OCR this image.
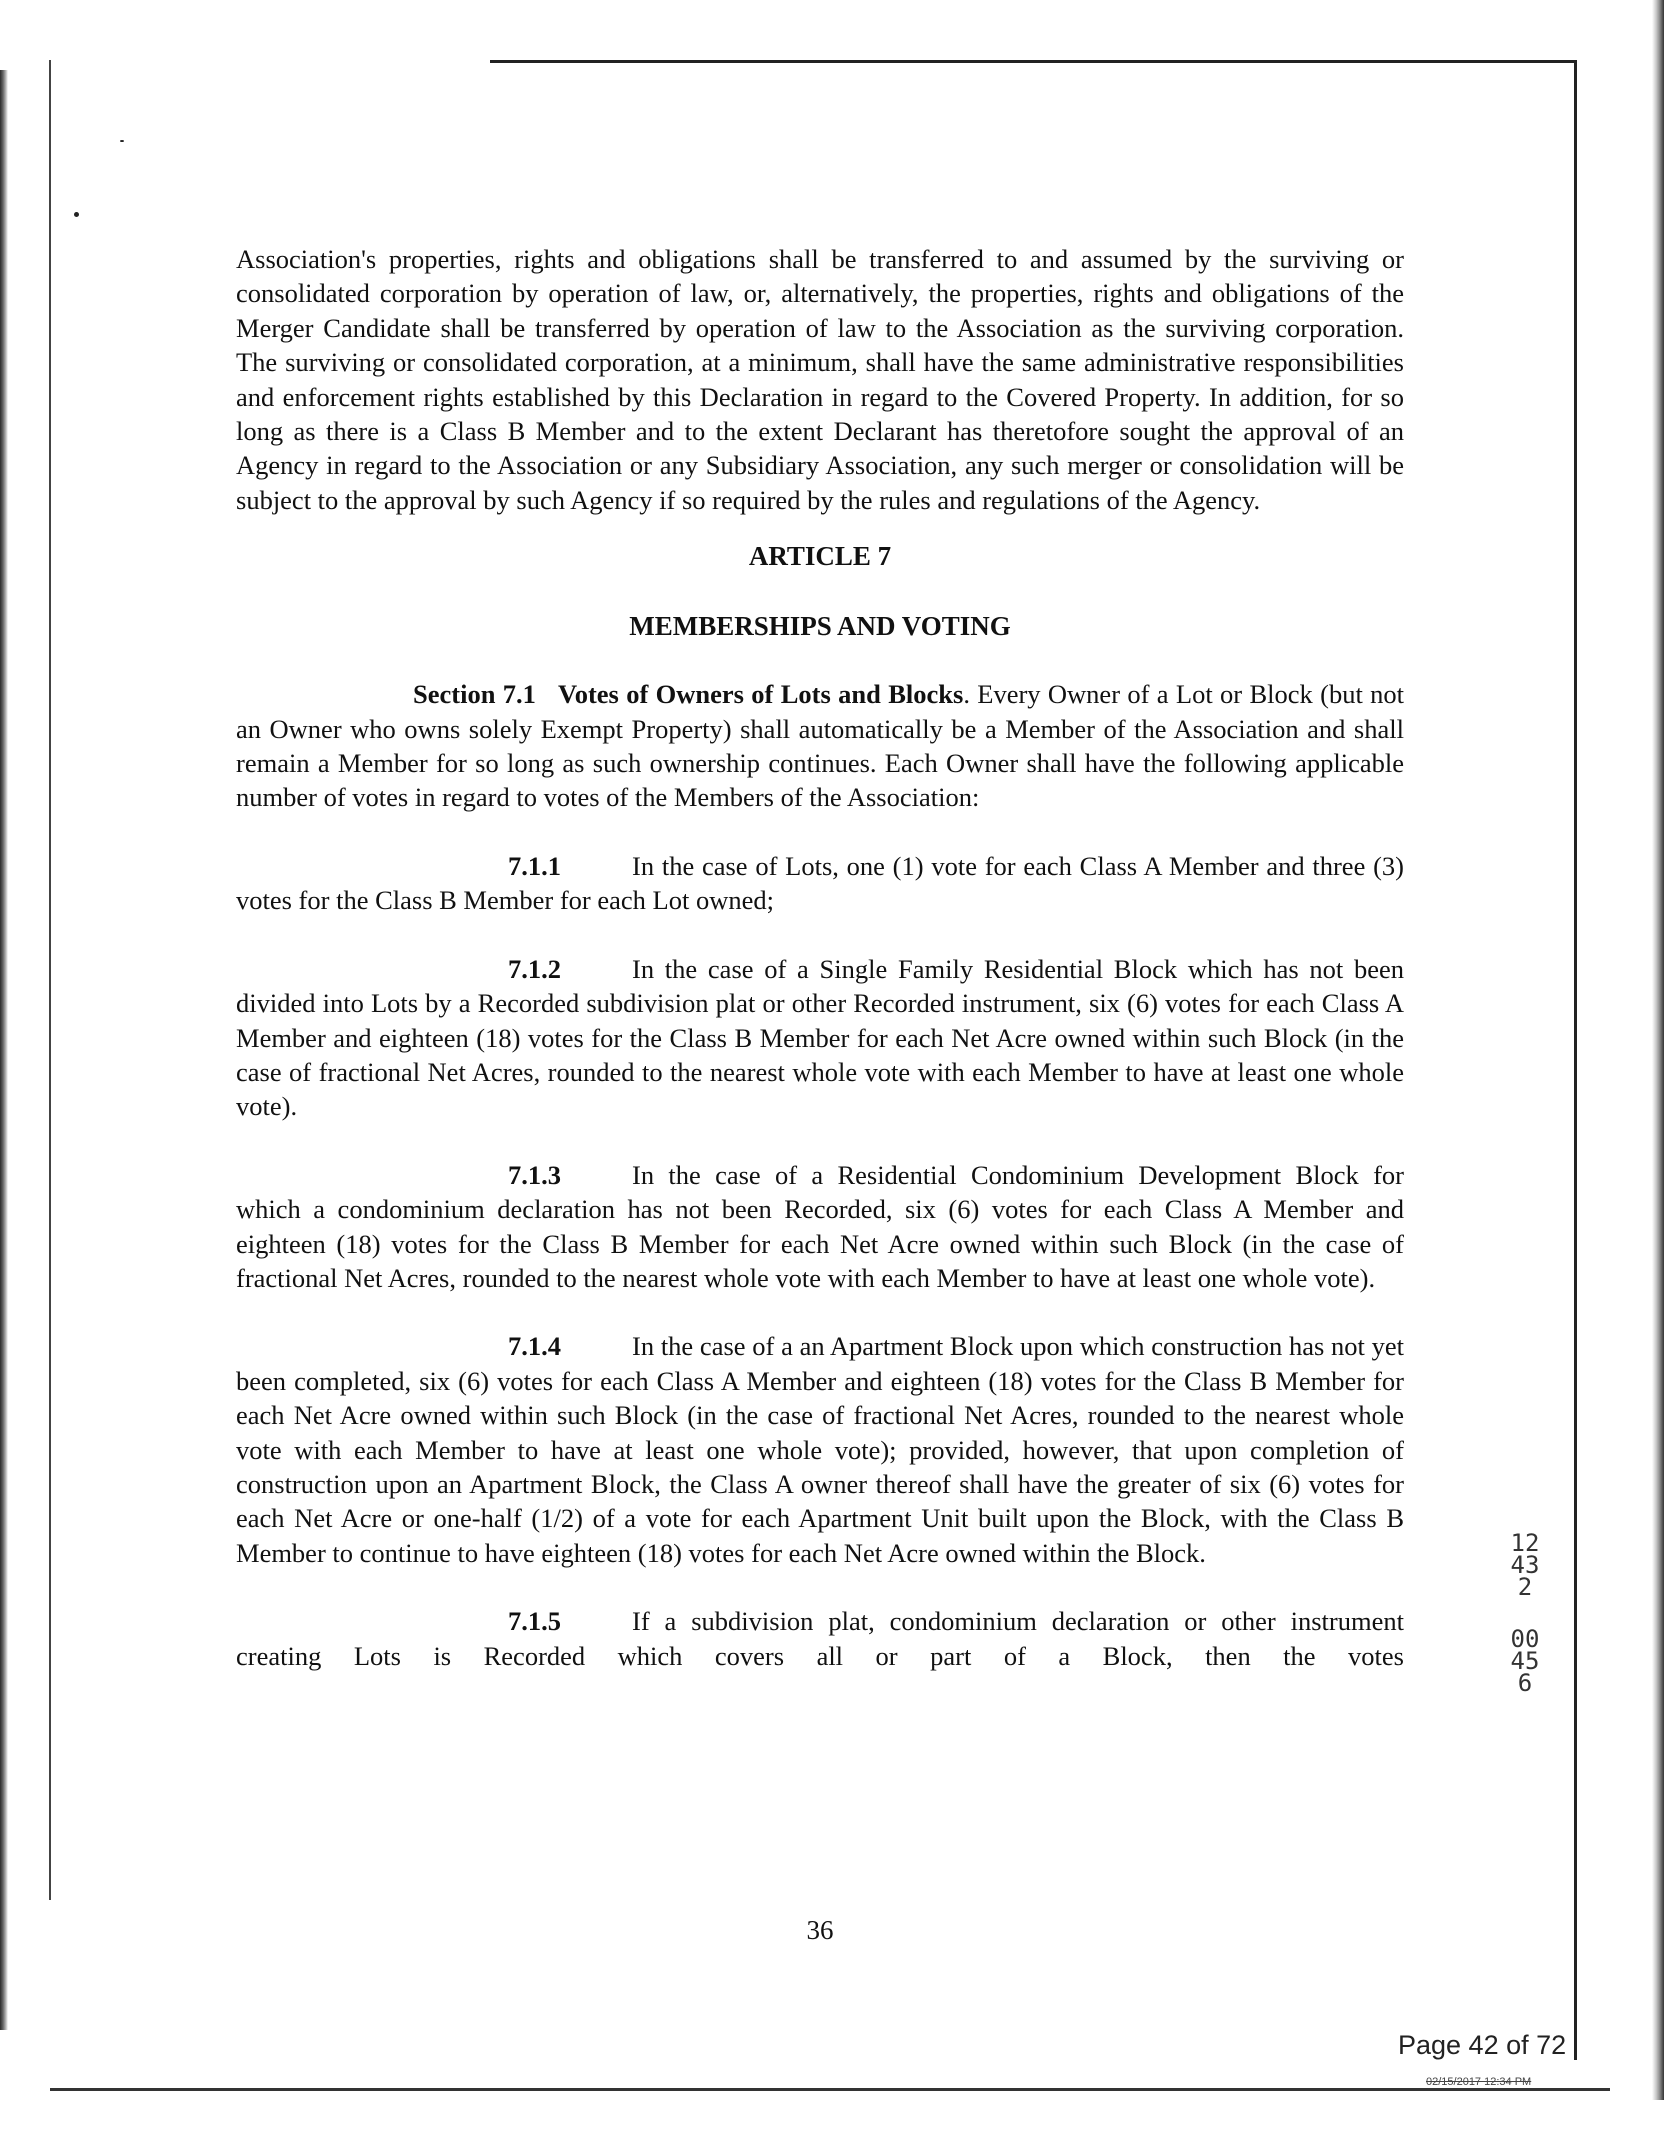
Association's properties, rights and obligations shall be transferred to and assumed by the surviving or consolidated corporation by operation of law, or, alternatively, the properties, rights and obligations of the Merger Candidate shall be transferred by operation of law to the Association as the surviving corporation. The surviving or consolidated corporation, at a minimum, shall have the same administrative responsibilities and enforcement rights established by this Declaration in regard to the Covered Property. In addition, for so long as there is a Class B Member and to the extent Declarant has theretofore sought the approval of an Agency in regard to the Association or any Subsidiary Association, any such merger or consolidation will be subject to the approval by such Agency if so required by the rules and regulations of the Agency.

ARTICLE 7

MEMBERSHIPS AND VOTING

Section 7.1 Votes of Owners of Lots and Blocks. Every Owner of a Lot or Block (but not an Owner who owns solely Exempt Property) shall automatically be a Member of the Association and shall remain a Member for so long as such ownership continues. Each Owner shall have the following applicable number of votes in regard to votes of the Members of the Association:

7.1.1	In the case of Lots, one (1) vote for each Class A Member and three (3) votes for the Class B Member for each Lot owned;

7.1.2	In the case of a Single Family Residential Block which has not been divided into Lots by a Recorded subdivision plat or other Recorded instrument, six (6) votes for each Class A Member and eighteen (18) votes for the Class B Member for each Net Acre owned within such Block (in the case of fractional Net Acres, rounded to the nearest whole vote with each Member to have at least one whole vote).

7.1.3	In the case of a Residential Condominium Development Block for which a condominium declaration has not been Recorded, six (6) votes for each Class A Member and eighteen (18) votes for the Class B Member for each Net Acre owned within such Block (in the case of fractional Net Acres, rounded to the nearest whole vote with each Member to have at least one whole vote).

7.1.4	In the case of a an Apartment Block upon which construction has not yet been completed, six (6) votes for each Class A Member and eighteen (18) votes for the Class B Member for each Net Acre owned within such Block (in the case of fractional Net Acres, rounded to the nearest whole vote with each Member to have at least one whole vote); provided, however, that upon completion of construction upon an Apartment Block, the Class A owner thereof shall have the greater of six (6) votes for each Net Acre or one-half (1/2) of a vote for each Apartment Unit built upon the Block, with the Class B Member to continue to have eighteen (18) votes for each Net Acre owned within the Block.

7.1.5	If a subdivision plat, condominium declaration or other instrument creating Lots is Recorded which covers all or part of a Block, then the votes

36
12432
00456
Page 42 of 72
02/15/2017 12:34 PM
